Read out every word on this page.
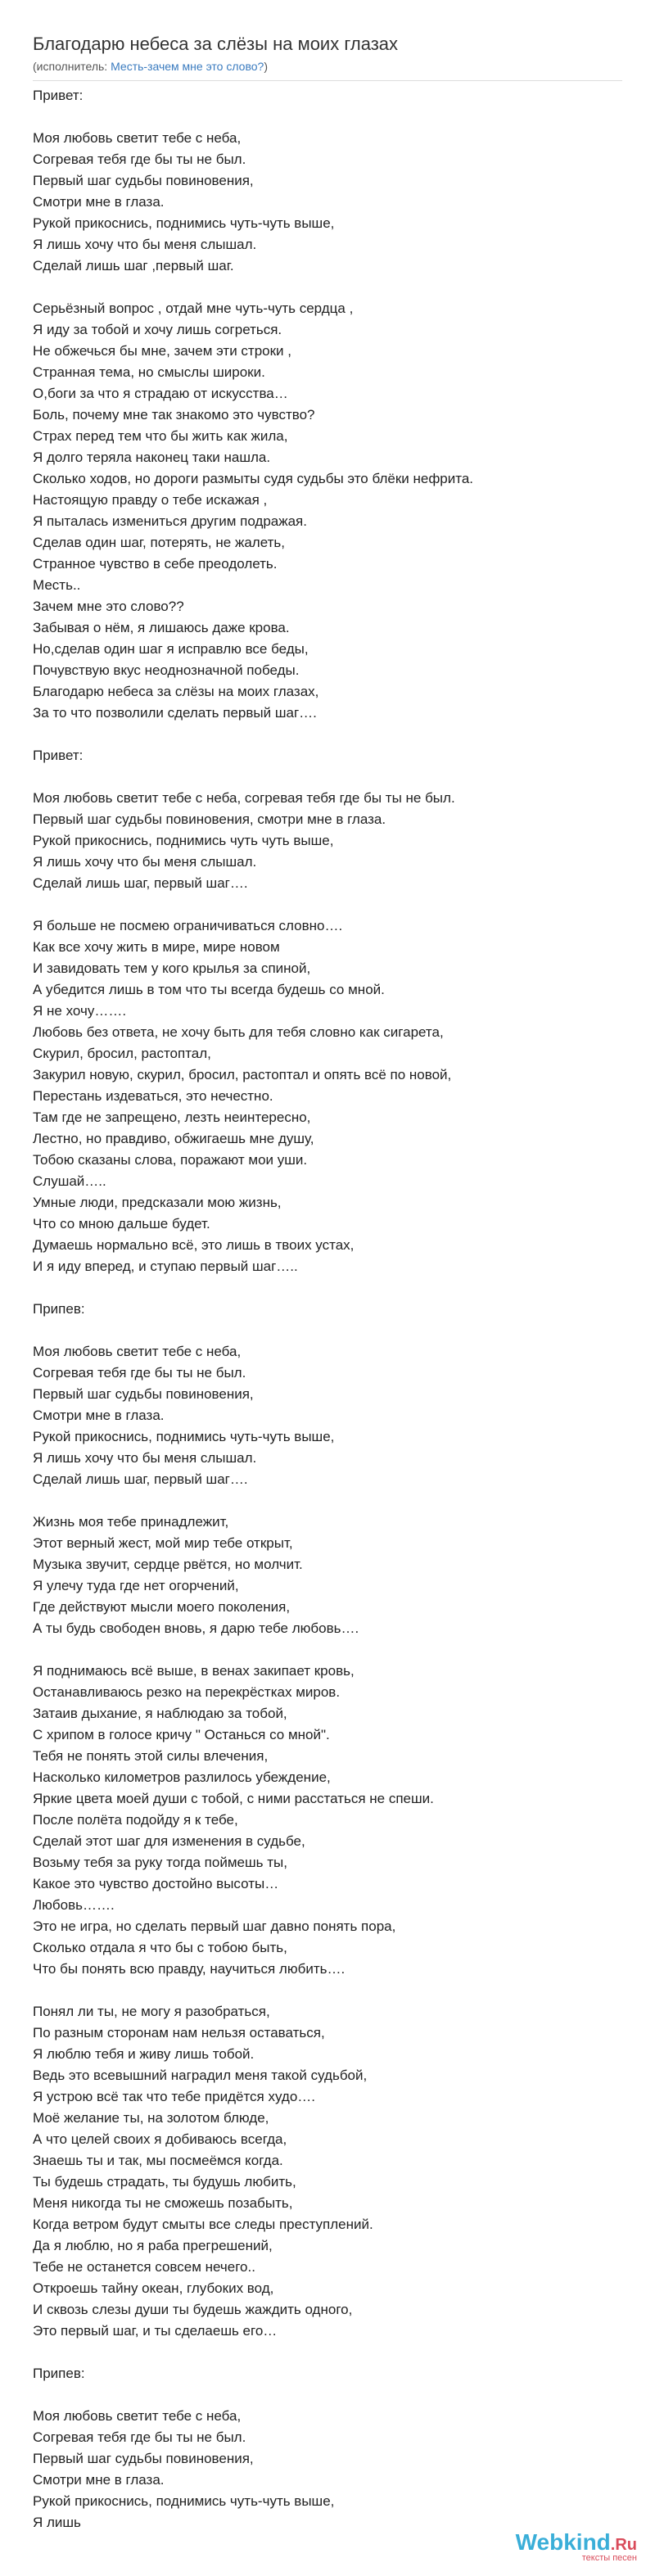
Благодарю небеса за слёзы на моих глазах
(исполнитель: Месть-зачем мне это слово?)
Привет:
Моя любовь светит тебе с неба,
Согревая тебя где бы ты не был.
Первый шаг судьбы повиновения,
Смотри мне в глаза.
Рукой прикоснись, поднимись чуть-чуть выше,
Я лишь хочу что бы меня слышал.
Сделай лишь шаг ,первый шаг.
Серьёзный вопрос , отдай мне чуть-чуть сердца ,
Я иду за тобой и хочу лишь согреться.
Не обжечься бы мне, зачем эти строки ,
Странная тема, но смыслы широки.
О,боги за что я страдаю от искусства…
Боль, почему мне так знакомо это чувство?
Страх перед тем что бы жить как жила,
Я долго теряла наконец таки нашла.
Сколько ходов, но дороги размыты судя судьбы это блёки нефрита.
Настоящую правду о тебе искажая ,
Я пыталась измениться другим подражая.
Сделав один шаг, потерять, не жалеть,
Странное чувство в себе преодолеть.
Месть..
Зачем мне это слово??
Забывая о нём, я лишаюсь даже крова.
Но,сделав один шаг я исправлю все беды,
Почувствую вкус неоднозначной победы.
Благодарю небеса за слёзы на моих глазах,
За то что позволили сделать первый шаг….
Привет:
Моя любовь светит тебе с неба, согревая тебя где бы ты не был.
Первый шаг судьбы повиновения, смотри мне в глаза.
Рукой прикоснись, поднимись чуть чуть выше,
Я лишь хочу что бы меня слышал.
Сделай лишь шаг, первый шаг….
Я больше не посмею ограничиваться словно….
Как все хочу жить в мире, мире новом
И завидовать тем у кого крылья за спиной,
А убедится лишь в том что ты всегда будешь со мной.
Я не хочу…….
Любовь без ответа, не хочу быть для тебя словно как сигарета,
Скурил, бросил, растоптал,
Закурил новую, скурил, бросил, растоптал и опять всё по новой,
Перестань издеваться, это нечестно.
Там где не запрещено, лезть неинтересно,
Лестно, но правдиво, обжигаешь мне душу,
Тобою сказаны слова, поражают мои уши.
Слушай…..
Умные люди, предсказали мою жизнь,
Что со мною дальше будет.
Думаешь нормально всё, это лишь в твоих устах,
И я иду вперед, и ступаю первый шаг…..
Припев:
Моя любовь светит тебе с неба,
Согревая тебя где бы ты не был.
Первый шаг судьбы повиновения,
Смотри мне в глаза.
Рукой прикоснись, поднимись чуть-чуть выше,
Я лишь хочу что бы меня слышал.
Сделай лишь шаг, первый шаг….
Жизнь моя тебе принадлежит,
Этот верный жест, мой мир тебе открыт,
Музыка звучит, сердце рвётся, но молчит.
Я улечу туда где нет огорчений,
Где действуют мысли моего поколения,
А ты будь свободен вновь, я дарю тебе любовь….
Я поднимаюсь всё выше, в венах закипает кровь,
Останавливаюсь резко на перекрёстках миров.
Затаив дыхание, я наблюдаю за тобой,
С хрипом в голосе кричу " Останься со мной".
Тебя не понять этой силы влечения,
Насколько километров разлилось убеждение,
Яркие цвета моей души с тобой, с ними расстаться не спеши.
После полёта подойду я к тебе,
Сделай этот шаг для изменения в судьбе,
Возьму тебя за руку тогда поймешь ты,
Какое это чувство достойно высоты…
Любовь…….
Это не игра, но сделать первый шаг давно понять пора,
Сколько отдала я что бы с тобою быть,
Что бы понять всю правду, научиться любить….
Понял ли ты, не могу я разобраться,
По разным сторонам нам нельзя оставаться,
Я люблю тебя и живу лишь тобой.
Ведь это всевышний наградил меня такой судьбой,
Я устрою всё так что тебе придётся худо….
Моё желание ты, на золотом блюде,
А что целей своих я добиваюсь всегда,
Знаешь ты и так, мы посмеёмся когда.
Ты будешь страдать, ты будушь любить,
Меня никогда ты не сможешь позабыть,
Когда ветром будут смыты все следы преступлений.
Да я люблю, но я раба прегрешений,
Тебе не останется совсем нечего..
Откроешь тайну океан, глубоких вод,
И сквозь слезы души ты будешь жаждить одного,
Это первый шаг, и ты сделаешь его…
Припев:
Моя любовь светит тебе с неба,
Согревая тебя где бы ты не был.
Первый шаг судьбы повиновения,
Смотри мне в глаза.
Рукой прикоснись, поднимись чуть-чуть выше,
Я лишь
Webkind.Ru
тексты песен
